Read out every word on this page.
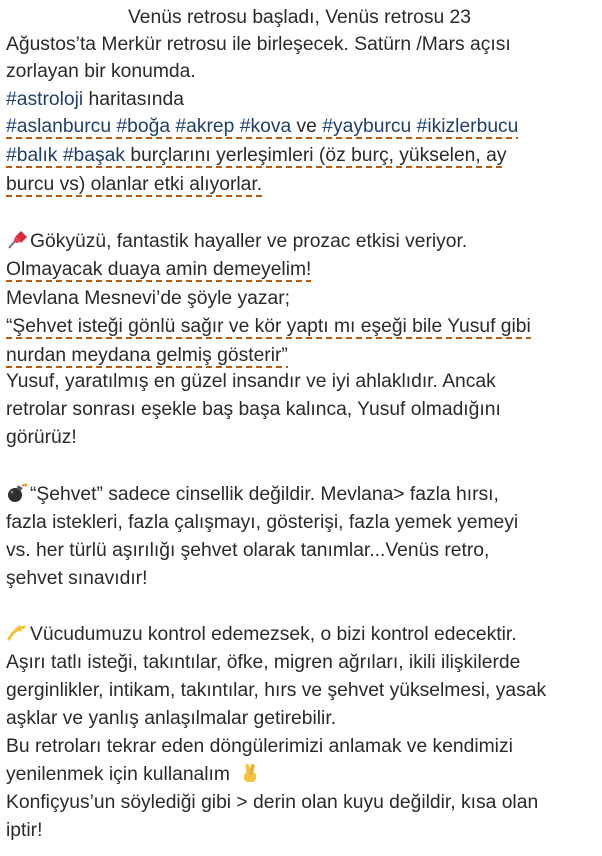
Venüs retrosu başladı, Venüs retrosu 23
Ağustos’ta Merkür retrosu ile birleşecek. Satürn /Mars açısı
zorlayan bir konumda.
#astroloji haritasında
#aslanburcu #boğa #akrep #kova ve #yayburcu #ikizlerbucu
#balık #başak burçlarını yerleşimleri (öz burç, yükselen, ay
burcu vs) olanlar etki alıyorlar.
Gökyüzü, fantastik hayaller ve prozac etkisi veriyor.
Olmayacak duaya amin demeyelim!
Mevlana Mesnevi’de şöyle yazar;
“Şehvet isteği gönlü sağır ve kör yaptı mı eşeği bile Yusuf gibi
nurdan meydana gelmiş gösterir”
Yusuf, yaratılmış en güzel insandır ve iyi ahlaklıdır. Ancak
retrolar sonrası eşekle baş başa kalınca, Yusuf olmadığını
görürüz!
“Şehvet” sadece cinsellik değildir. Mevlana> fazla hırsı,
fazla istekleri, fazla çalışmayı, gösterişi, fazla yemek yemeyi
vs. her türlü aşırılığı şehvet olarak tanımlar...Venüs retro,
şehvet sınavıdır!
Vücudumuzu kontrol edemezsek, o bizi kontrol edecektir.
Aşırı tatlı isteği, takıntılar, öfke, migren ağrıları, ikili ilişkilerde
gerginlikler, intikam, takıntılar, hırs ve şehvet yükselmesi, yasak
aşklar ve yanlış anlaşılmalar getirebilir.
Bu retroları tekrar eden döngülerimizi anlamak ve kendimizi
yenilenmek için kullanalım
Konfiçyus’un söylediği gibi > derin olan kuyu değildir, kısa olan
iptir!
